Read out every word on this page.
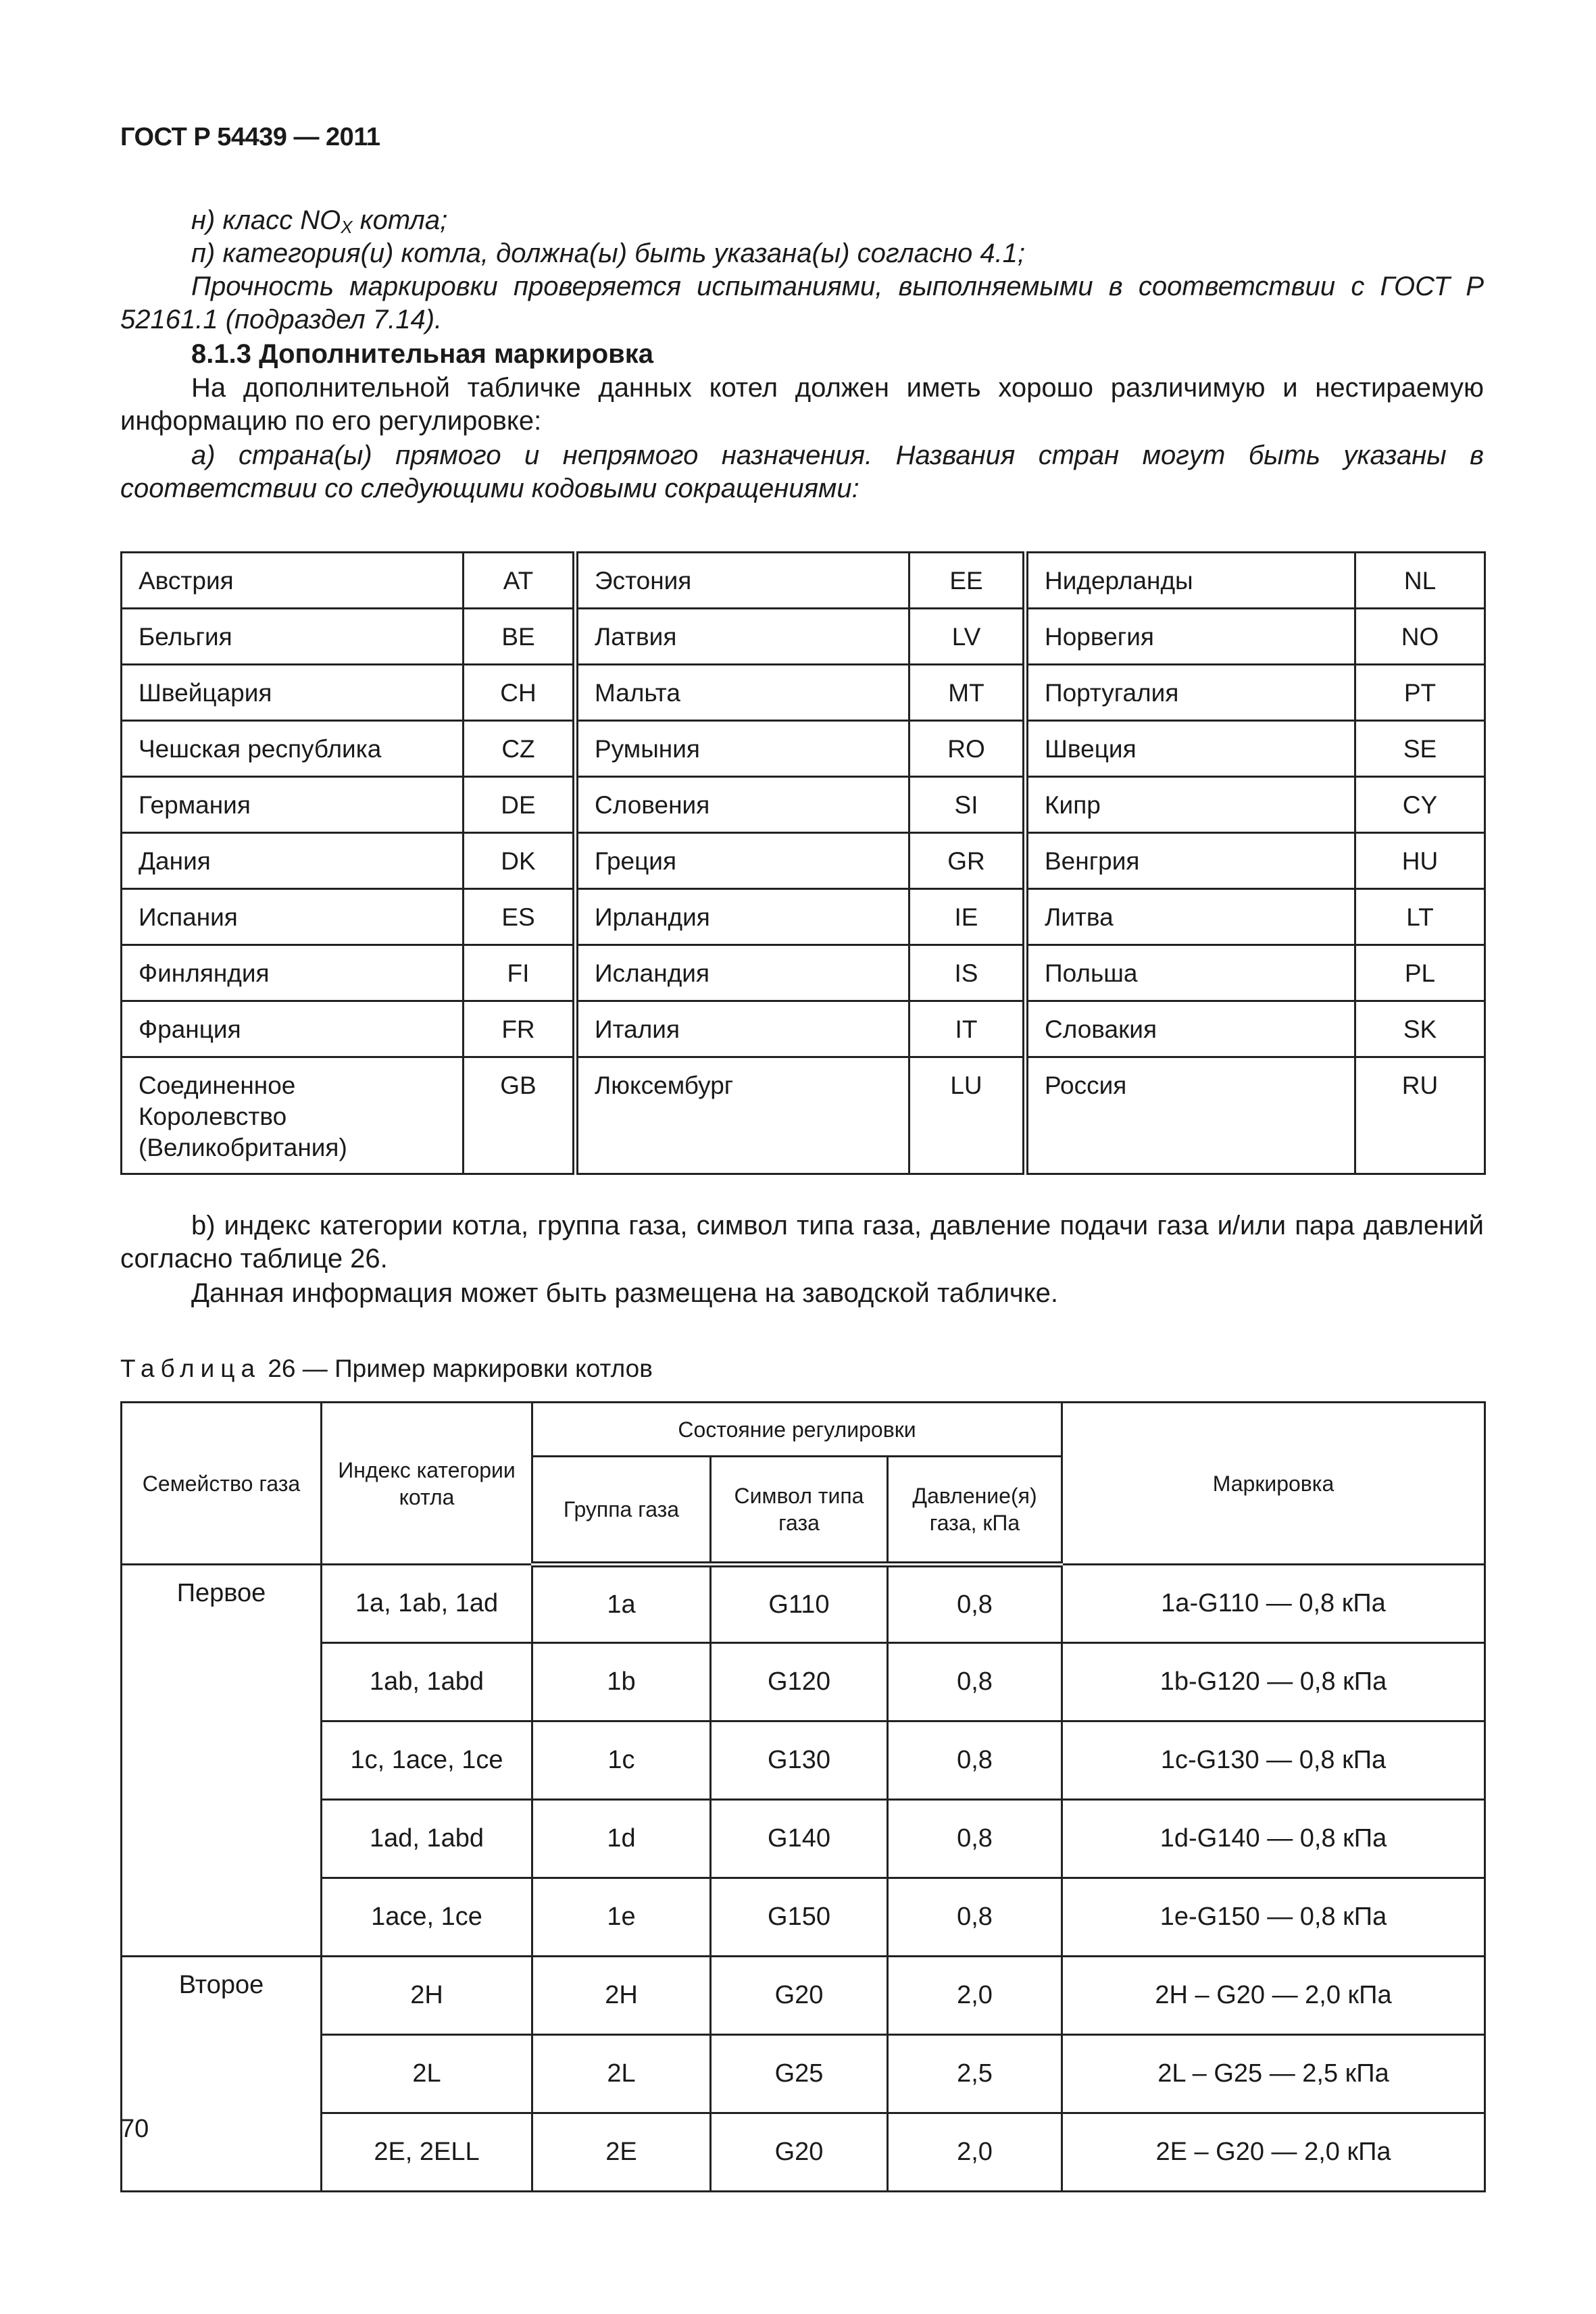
ГОСТ Р 54439 — 2011
н) класс $NO_X$ котла;
п) категория(и) котла, должна(ы) быть указана(ы) согласно 4.1;
Прочность маркировки проверяется испытаниями, выполняемыми в соответствии с ГОСТ Р 52161.1 (подраздел 7.14).
8.1.3 Дополнительная маркировка
На дополнительной табличке данных котел должен иметь хорошо различимую и нестираемую информацию по его регулировке:
а) страна(ы) прямого и непрямого назначения. Названия стран могут быть указаны в соответствии со следующими кодовыми сокращениями:
Австрия	AT	Эстония	EE	Нидерланды	NL
Бельгия	BE	Латвия	LV	Норвегия	NO
Швейцария	CH	Мальта	MT	Португалия	PT
Чешская республика	CZ	Румыния	RO	Швеция	SE
Германия	DE	Словения	SI	Кипр	CY
Дания	DK	Греция	GR	Венгрия	HU
Испания	ES	Ирландия	IE	Литва	LT
Финляндия	FI	Исландия	IS	Польша	PL
Франция	FR	Италия	IT	Словакия	SK
Соединенное Королевство (Великобритания)	GB	Люксембург	LU	Россия	RU
b) индекс категории котла, группа газа, символ типа газа, давление подачи газа и/или пара давлений согласно таблице 26.
Данная информация может быть размещена на заводской табличке.
Таблица 26 — Пример маркировки котлов
Семейство газа	Индекс категории котла	Состояние регулировки			Маркировка
		Группа газа	Символ типа газа	Давление(я) газа, кПа	
Первое	1а, 1аb, 1аd	1а	G110	0,8	1a-G110 — 0,8 кПа
	1аb, 1аbd	1b	G120	0,8	1b-G120 — 0,8 кПа
	1с, 1асе, 1се	1с	G130	0,8	1c-G130 — 0,8 кПа
	1аd, 1аbd	1d	G140	0,8	1d-G140 — 0,8 кПа
	1асе, 1се	1е	G150	0,8	1e-G150 — 0,8 кПа
Второе	2Н	2Н	G20	2,0	2H – G20 — 2,0 кПа
	2L	2L	G25	2,5	2L – G25 — 2,5 кПа
	2E, 2ELL	2E	G20	2,0	2E – G20 — 2,0 кПа
70
